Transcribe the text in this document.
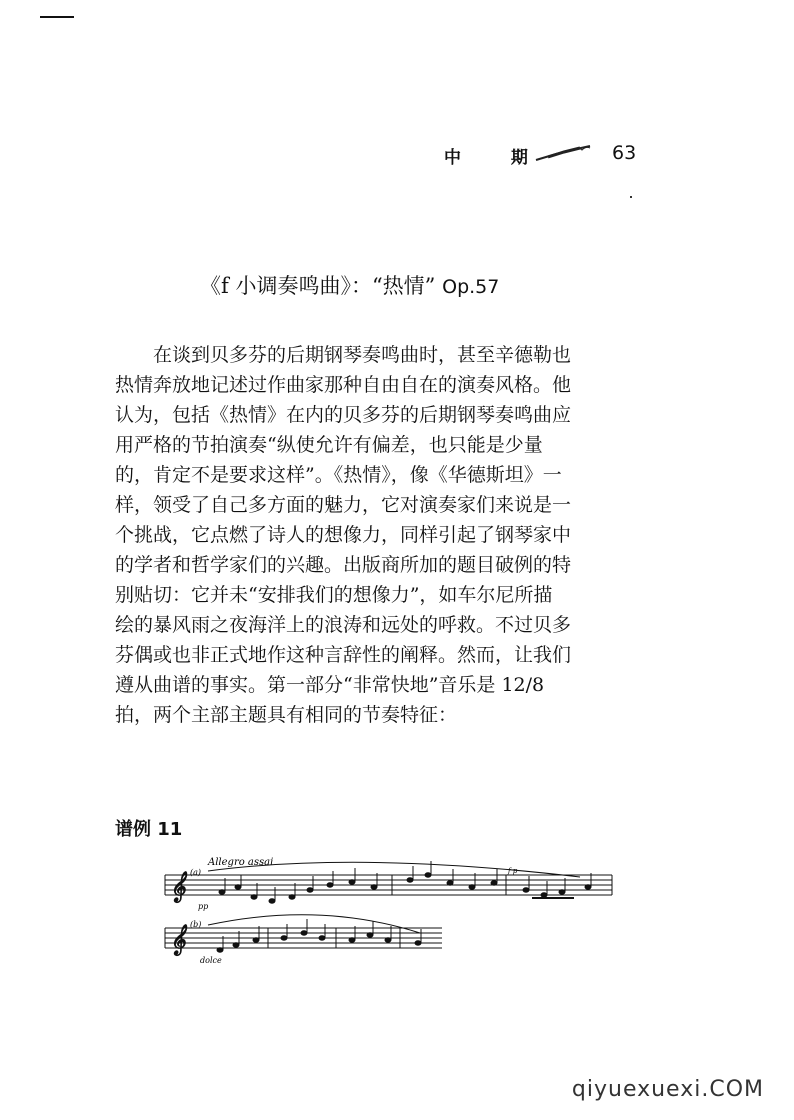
中 期	63
《f 小调奏鸣曲》：“热情” Op.57
在谈到贝多芬的后期钢琴奏鸣曲时，甚至辛德勒也
热情奔放地记述过作曲家那种自由自在的演奏风格。他
认为，包括《热情》在内的贝多芬的后期钢琴奏鸣曲应
用严格的节拍演奏“纵使允许有偏差，也只能是少量
的，肯定不是要求这样”。《热情》，像《华德斯坦》一
样，领受了自己多方面的魅力，它对演奏家们来说是一
个挑战，它点燃了诗人的想像力，同样引起了钢琴家中
的学者和哲学家们的兴趣。出版商所加的题目破例的特
别贴切：它并未“安排我们的想像力”，如车尔尼所描
绘的暴风雨之夜海洋上的浪涛和远处的呼救。不过贝多
芬偶或也非正式地作这种言辞性的阐释。然而，让我们
遵从曲谱的事实。第一部分“非常快地”音乐是 12/8
拍，两个主部主题具有相同的节奏特征：
谱例 11
Allegro assai
(a)
pp
f p
𝄞
(b)
dolce
𝄞
qiyuexuexi.COM
